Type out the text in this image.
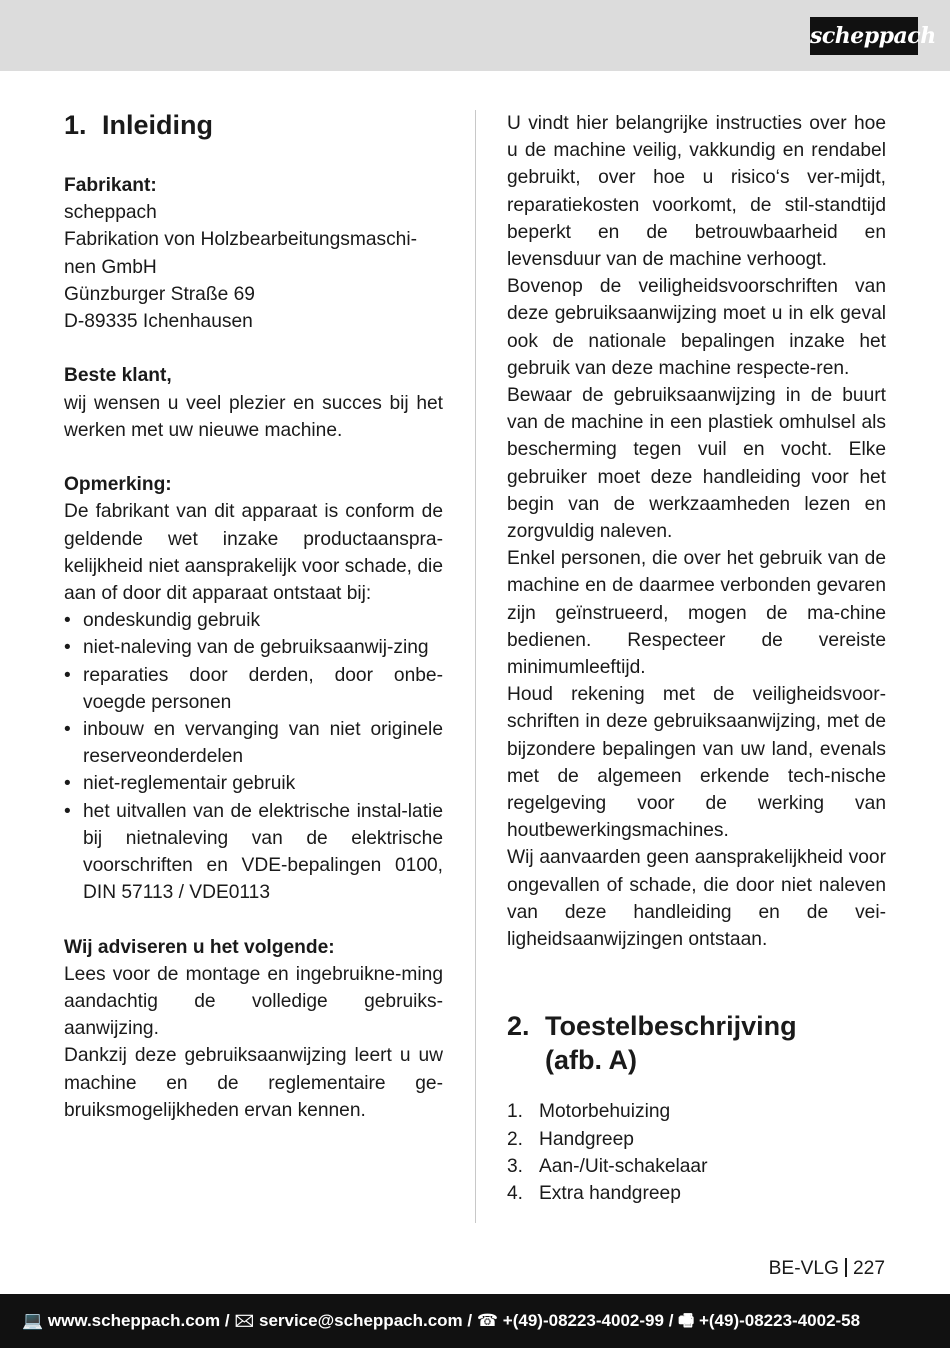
scheppach
1. Inleiding

Fabrikant:

scheppach

Fabrikation von Holzbearbeitungsmaschi-nen GmbH

Günzburger Straße 69

D-89335 Ichenhausen

Beste klant,

wij wensen u veel plezier en succes bij het werken met uw nieuwe machine.

Opmerking:

De fabrikant van dit apparaat is conform de geldende wet inzake productaanspra-kelijkheid niet aansprakelijk voor schade, die aan of door dit apparaat ontstaat bij:

• ondeskundig gebruik
• niet-naleving van de gebruiksaanwij-zing
• reparaties door derden, door onbe-voegde personen
• inbouw en vervanging van niet originele reserveonderdelen
• niet-reglementair gebruik
• het uitvallen van de elektrische instal-latie bij nietnaleving van de elektrische voorschriften en VDE-bepalingen 0100, DIN 57113 / VDE0113

Wij adviseren u het volgende:

Lees voor de montage en ingebruikne-ming aandachtig de volledige gebruiks-aanwijzing.

Dankzij deze gebruiksaanwijzing leert u uw machine en de reglementaire ge-bruiksmogelijkheden ervan kennen.

U vindt hier belangrijke instructies over hoe u de machine veilig, vakkundig en rendabel gebruikt, over hoe u risico‘s ver-mijdt, reparatiekosten voorkomt, de stil-standtijd beperkt en de betrouwbaarheid en levensduur van de machine verhoogt.

Bovenop de veiligheidsvoorschriften van deze gebruiksaanwijzing moet u in elk geval ook de nationale bepalingen inzake het gebruik van deze machine respecte-ren.

Bewaar de gebruiksaanwijzing in de buurt van de machine in een plastiek omhulsel als bescherming tegen vuil en vocht. Elke gebruiker moet deze handleiding voor het begin van de werkzaamheden lezen en zorgvuldig naleven.

Enkel personen, die over het gebruik van de machine en de daarmee verbonden gevaren zijn geïnstrueerd, mogen de ma-chine bedienen. Respecteer de vereiste minimumleeftijd.

Houd rekening met de veiligheidsvoor-schriften in deze gebruiksaanwijzing, met de bijzondere bepalingen van uw land, evenals met de algemeen erkende tech-nische regelgeving voor de werking van houtbewerkingsmachines.

Wij aanvaarden geen aansprakelijkheid voor ongevallen of schade, die door niet naleven van deze handleiding en de vei-ligheidsaanwijzingen ontstaan.

2. Toestelbeschrijving
(afb. A)
1. Motorbehuizing
2. Handgreep
3. Aan-/Uit-schakelaar
4. Extra handgreep
BE-VLG 227
💻 www.scheppach.com / 🖂 service@scheppach.com / ☎ +(49)-08223-4002-99 / 🖷 +(49)-08223-4002-58
